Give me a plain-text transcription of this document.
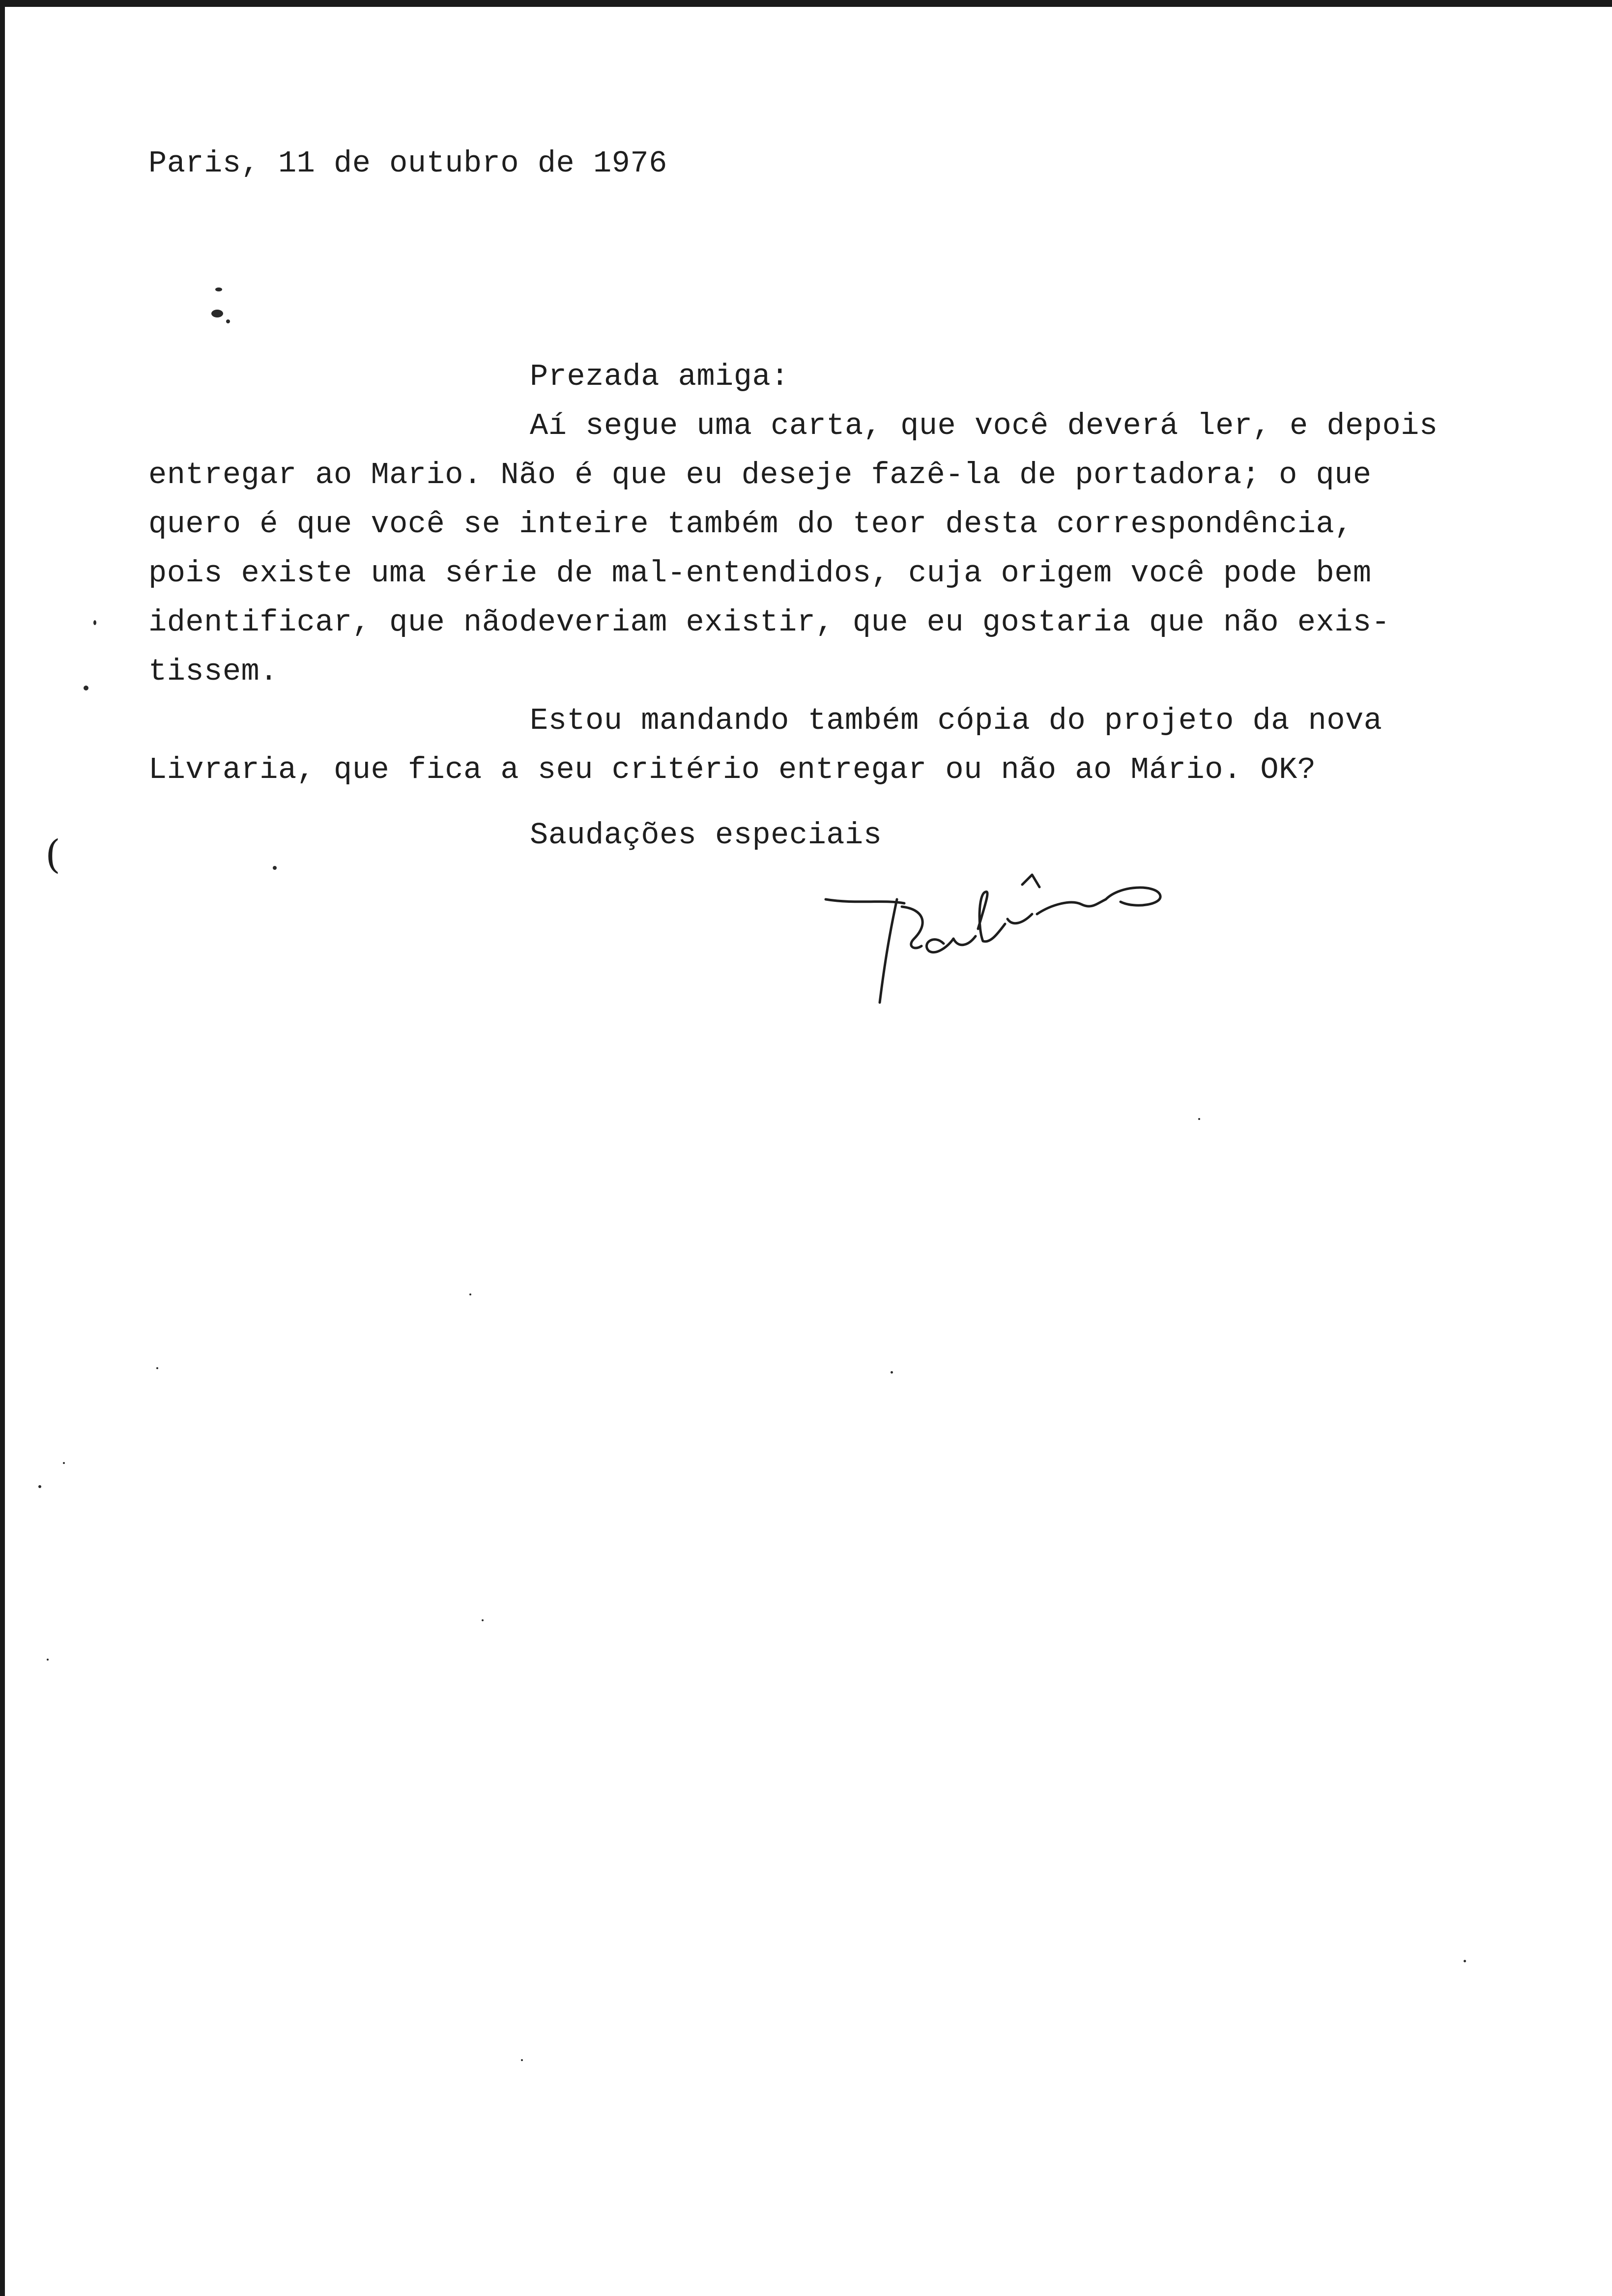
Paris, 11 de outubro de 1976
Prezada amiga:
Aí segue uma carta, que você deverá ler, e depois
entregar ao Mario. Não é que eu deseje fazê-la de portadora; o que
quero é que você se inteire também do teor desta correspondência,
pois existe uma série de mal-entendidos, cuja origem você pode bem
identificar, que nãodeveriam existir, que eu gostaria que não exis-
tissem.
Estou mandando também cópia do projeto da nova
Livraria, que fica a seu critério entregar ou não ao Mário. OK?
Saudações especiais
(
